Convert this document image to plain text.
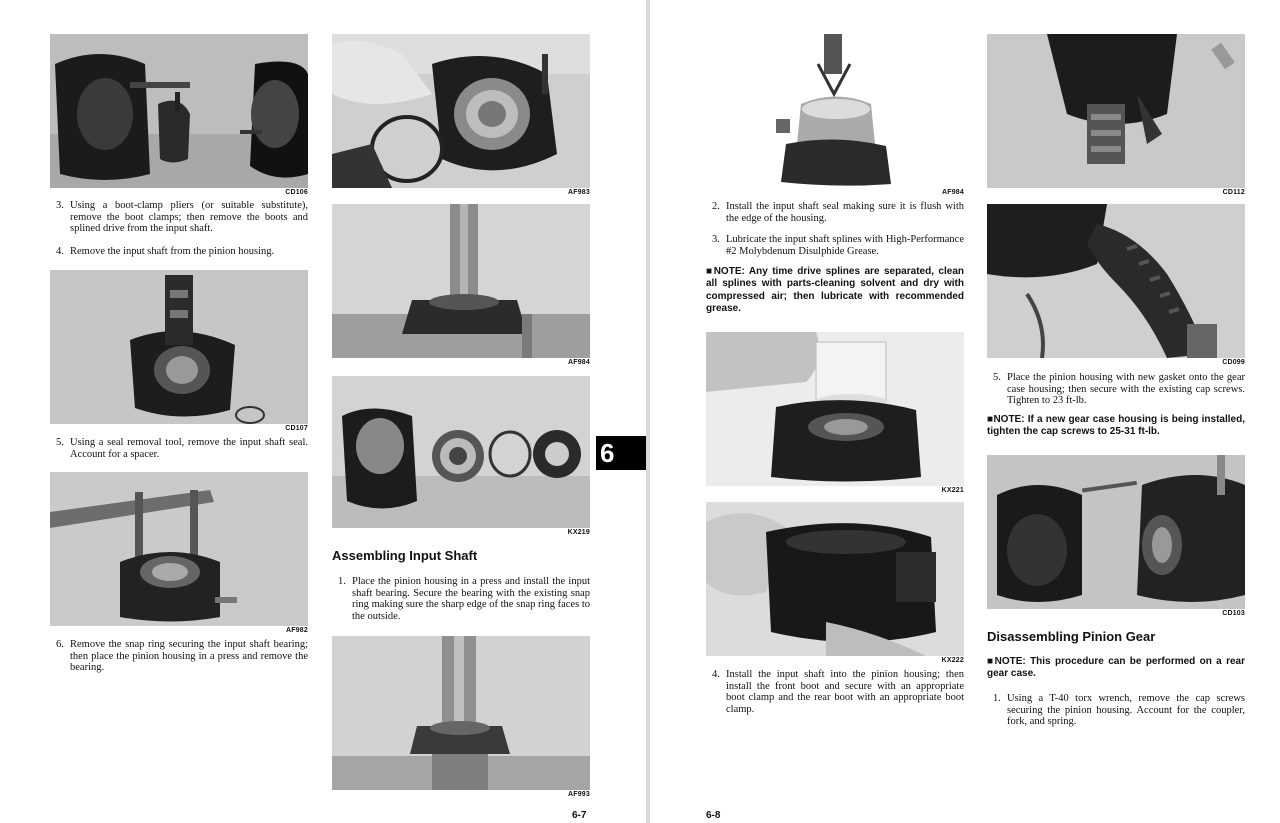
CD106	AF983
3. Using a boot-clamp pliers (or suitable substitute), remove the boot clamps; then remove the boots and splined drive from the input shaft.
4. Remove the input shaft from the pinion housing.
AF984
CD107
5. Using a seal removal tool, remove the input shaft seal. Account for a spacer.
KX219
AF982
6. Remove the snap ring securing the input shaft bearing; then place the pinion housing in a press and remove the bearing.
Assembling Input Shaft
1. Place the pinion housing in a press and install the input shaft bearing. Secure the bearing with the existing snap ring making sure the sharp edge of the snap ring faces to the outside.
AF993
6
6-7
AF984	CD112
2. Install the input shaft seal making sure it is flush with the edge of the housing.
3. Lubricate the input shaft splines with High-Performance #2 Molybdenum Disulphide Grease.
■NOTE: Any time drive splines are separated, clean all splines with parts-cleaning solvent and dry with compressed air; then lubricate with recommended grease.
CD099
KX221
5. Place the pinion housing with new gasket onto the gear case housing; then secure with the existing cap screws. Tighten to 23 ft-lb.
■NOTE: If a new gear case housing is being installed, tighten the cap screws to 25-31 ft-lb.
CD103
KX222
Disassembling Pinion Gear
■NOTE: This procedure can be performed on a rear gear case.
1. Using a T-40 torx wrench, remove the cap screws securing the pinion housing. Account for the coupler, fork, and spring.
4. Install the input shaft into the pinion housing; then install the front boot and secure with an appropriate boot clamp and the rear boot with an appropriate boot clamp.
6-8
